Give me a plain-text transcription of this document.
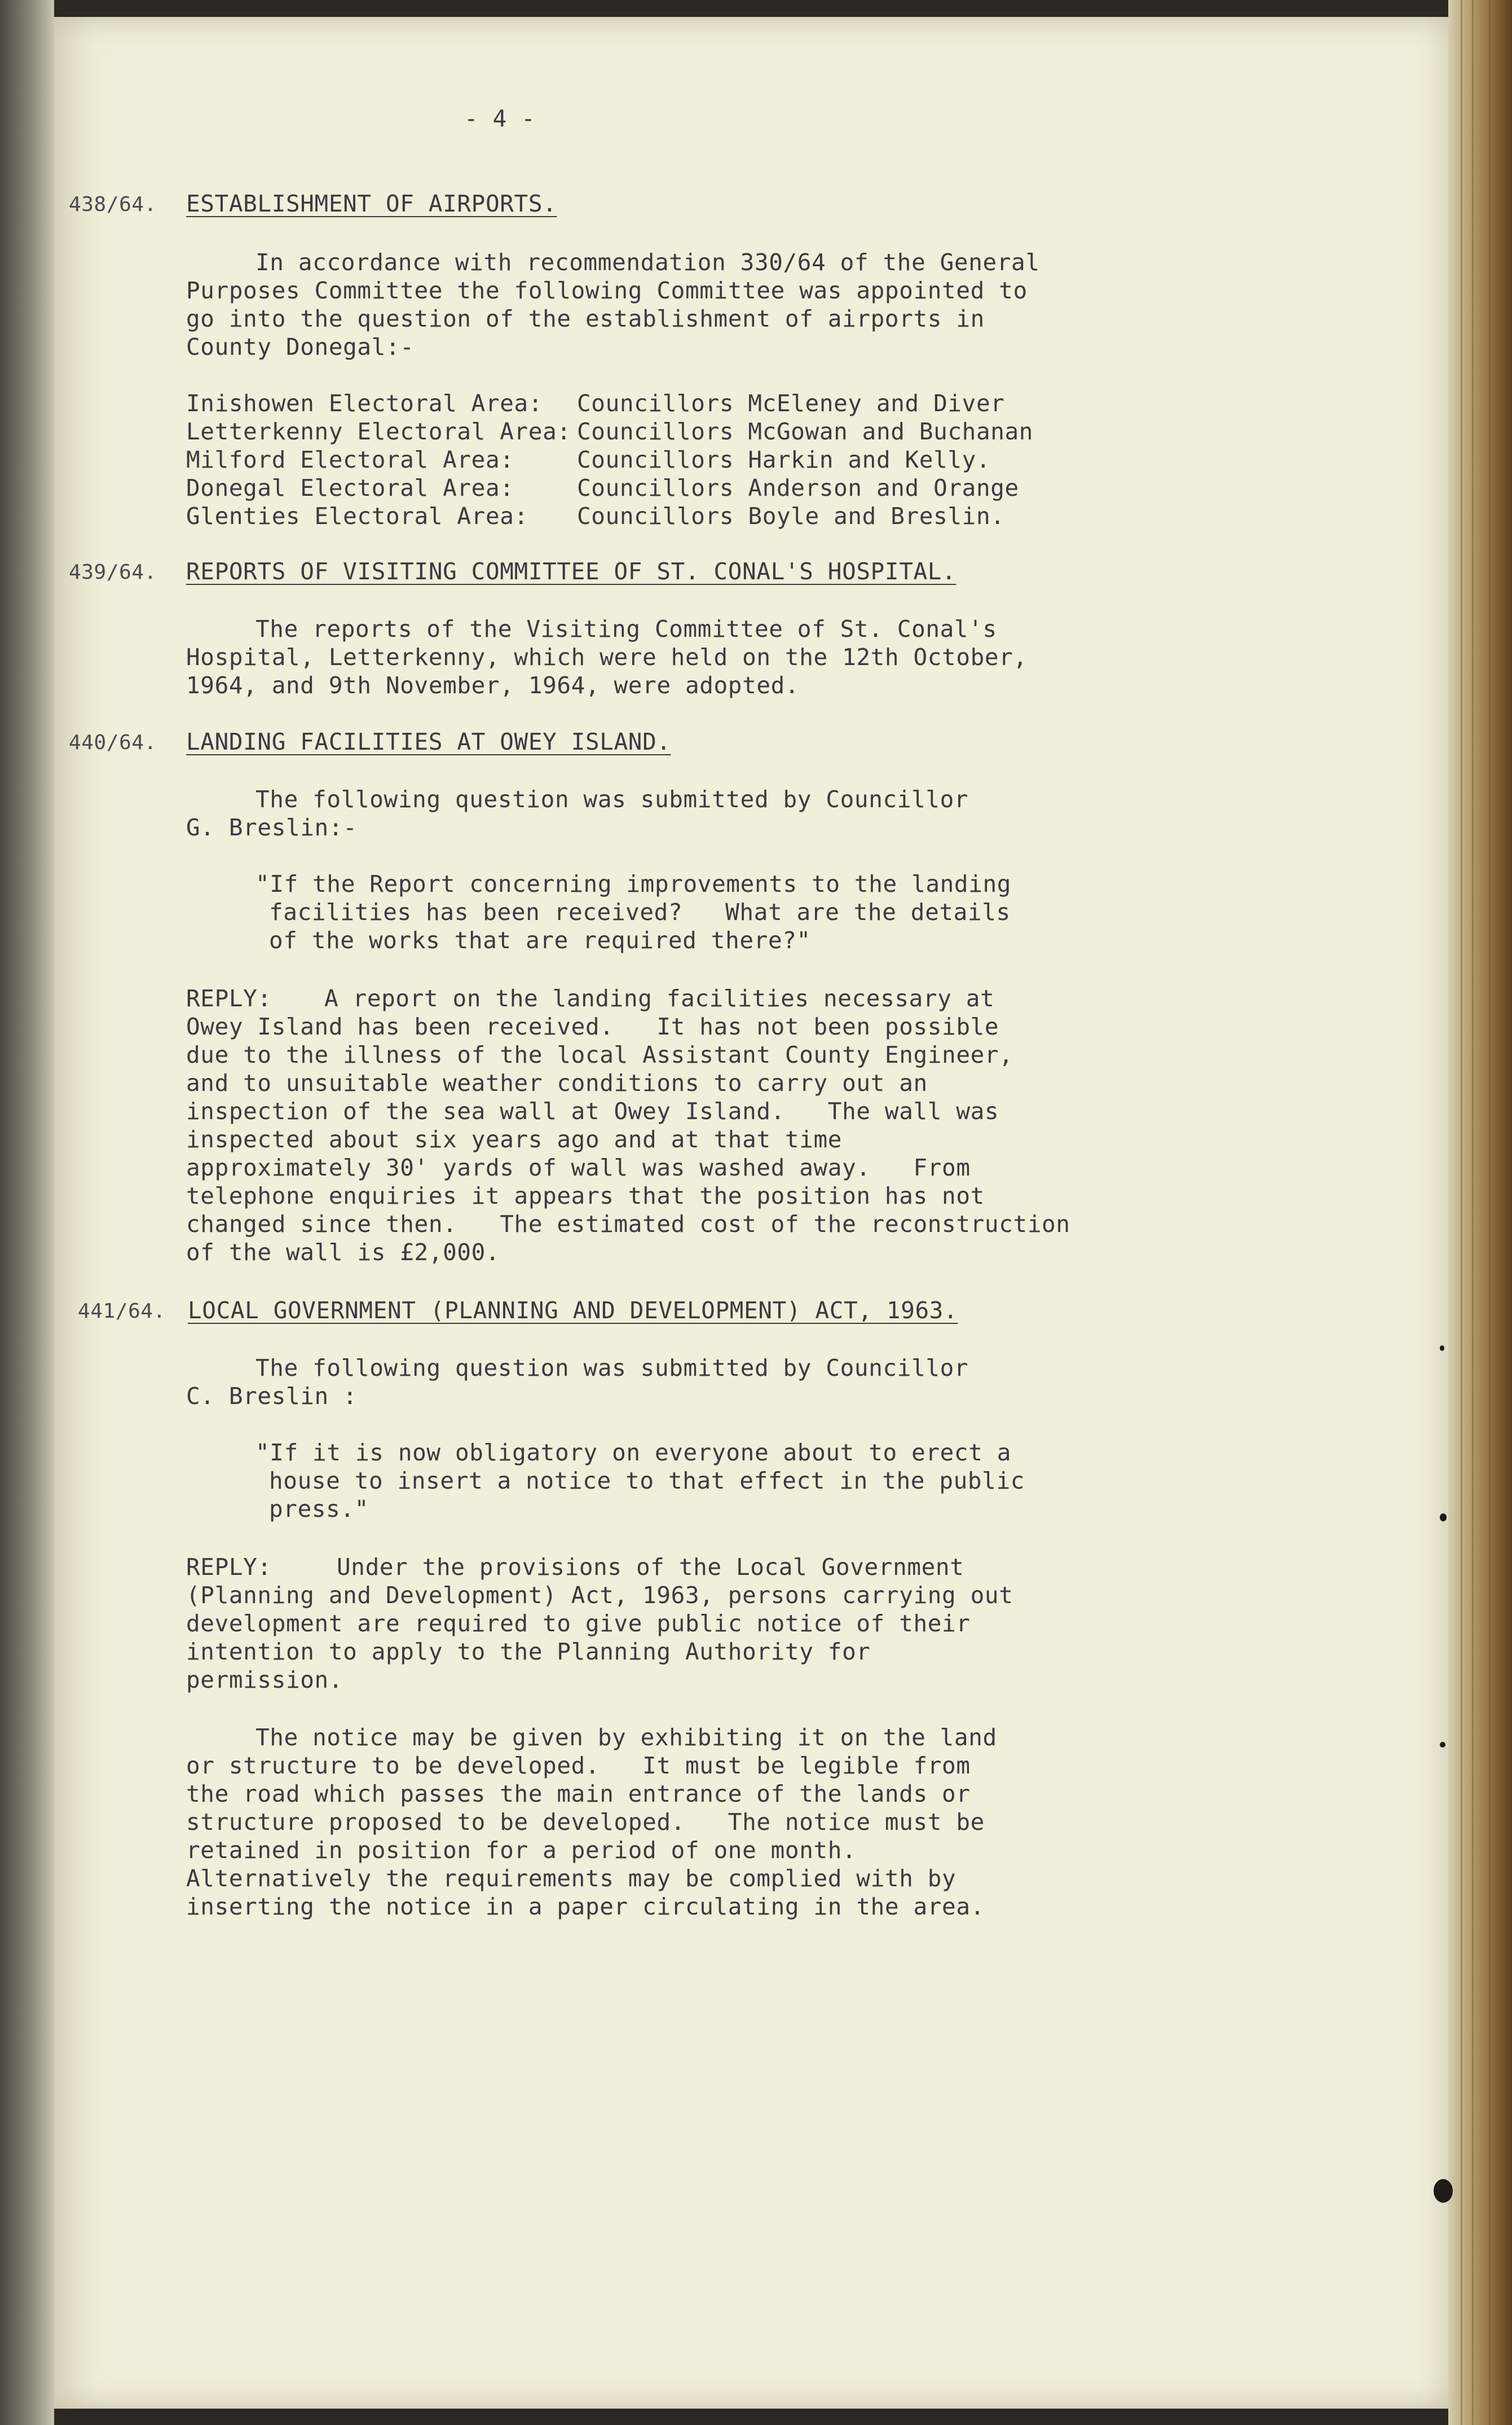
- 4 -
438/64. ESTABLISHMENT OF AIRPORTS.
In accordance with recommendation 330/64 of the General
Purposes Committee the following Committee was appointed to
go into the question of the establishment of airports in
County Donegal:-
Inishowen Electoral Area: Councillors McEleney and Diver
Letterkenny Electoral Area: Councillors McGowan and Buchanan
Milford Electoral Area:	Councillors Harkin and Kelly.
Donegal Electoral Area:	Councillors Anderson and Orange
Glenties Electoral Area: Councillors Boyle and Breslin.
439/64. REPORTS OF VISITING COMMITTEE OF ST. CONAL'S HOSPITAL.
The reports of the Visiting Committee of St. Conal's
Hospital, Letterkenny, which were held on the 12th October,
1964, and 9th November, 1964, were adopted.
440/64. LANDING FACILITIES AT OWEY ISLAND.
The following question was submitted by Councillor
G. Breslin:-
"If the Report concerning improvements to the landing
facilities has been received?   What are the details
of the works that are required there?"
REPLY: A report on the landing facilities necessary at
Owey Island has been received.   It has not been possible
due to the illness of the local Assistant County Engineer,
and to unsuitable weather conditions to carry out an
inspection of the sea wall at Owey Island.   The wall was
inspected about six years ago and at that time
approximately 30' yards of wall was washed away.   From
telephone enquiries it appears that the position has not
changed since then.   The estimated cost of the reconstruction
of the wall is £2,000.
441/64. LOCAL GOVERNMENT (PLANNING AND DEVELOPMENT) ACT, 1963.
The following question was submitted by Councillor
C. Breslin :
"If it is now obligatory on everyone about to erect a
house to insert a notice to that effect in the public
press."
REPLY:	Under the provisions of the Local Government
(Planning and Development) Act, 1963, persons carrying out
development are required to give public notice of their
intention to apply to the Planning Authority for
permission.
The notice may be given by exhibiting it on the land
or structure to be developed.   It must be legible from
the road which passes the main entrance of the lands or
structure proposed to be developed.   The notice must be
retained in position for a period of one month.
Alternatively the requirements may be complied with by
inserting the notice in a paper circulating in the area.
